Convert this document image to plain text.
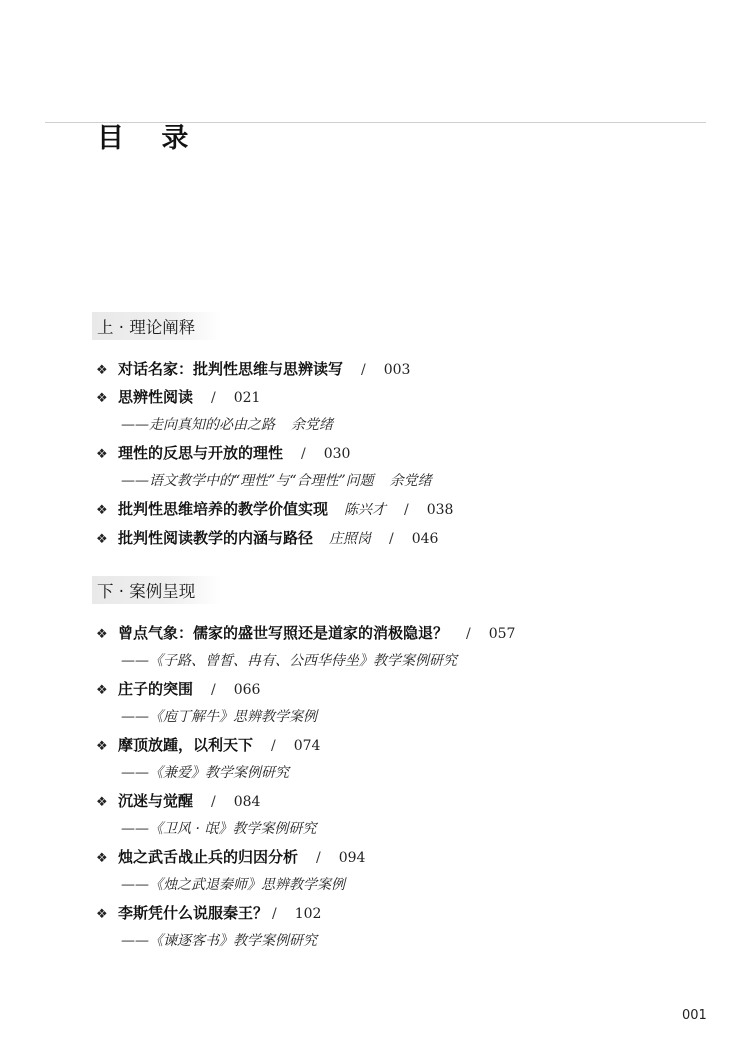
目 录
上 · 理论阐释
❖ 对话名家：批判性思维与思辨读写 / 003
❖ 思辨性阅读 / 021
——走向真知的必由之路 余党绪
❖ 理性的反思与开放的理性 / 030
——语文教学中的“理性”与“合理性”问题 余党绪
❖ 批判性思维培养的教学价值实现 陈兴才 / 038
❖ 批判性阅读教学的内涵与路径 庄照岗 / 046
下 · 案例呈现
❖ 曾点气象：儒家的盛世写照还是道家的消极隐退？ / 057
——《子路、曾皙、冉有、公西华侍坐》教学案例研究
❖ 庄子的突围 / 066
——《庖丁解牛》思辨教学案例
❖ 摩顶放踵，以利天下 / 074
——《兼爱》教学案例研究
❖ 沉迷与觉醒 / 084
——《卫风 · 氓》教学案例研究
❖ 烛之武舌战止兵的归因分析 / 094
——《烛之武退秦师》思辨教学案例
❖ 李斯凭什么说服秦王？ / 102
——《谏逐客书》教学案例研究
001
